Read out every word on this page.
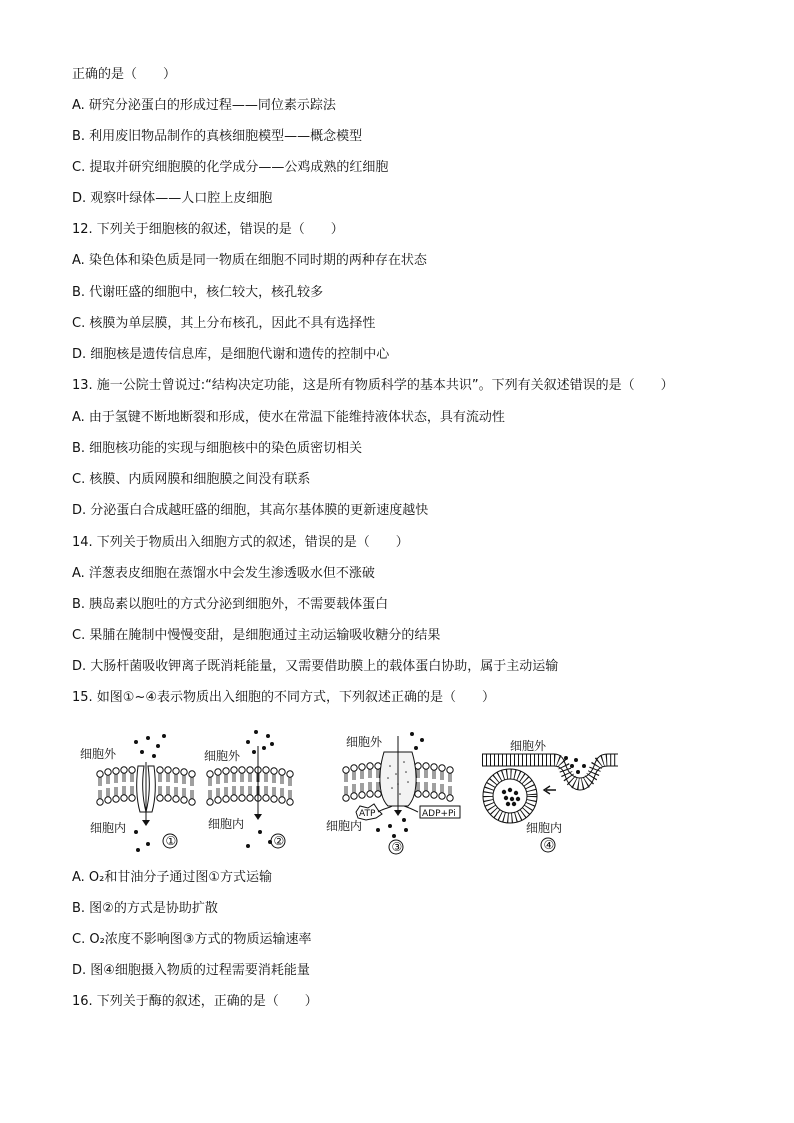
正确的是（　　）
A. 研究分泌蛋白的形成过程——同位素示踪法
B. 利用废旧物品制作的真核细胞模型——概念模型
C. 提取并研究细胞膜的化学成分——公鸡成熟的红细胞
D. 观察叶绿体——人口腔上皮细胞
12. 下列关于细胞核的叙述，错误的是（　　）
A. 染色体和染色质是同一物质在细胞不同时期的两种存在状态
B. 代谢旺盛的细胞中，核仁较大，核孔较多
C. 核膜为单层膜，其上分布核孔，因此不具有选择性
D. 细胞核是遗传信息库，是细胞代谢和遗传的控制中心
13. 施一公院士曾说过:“结构决定功能，这是所有物质科学的基本共识”。下列有关叙述错误的是（　　）
A. 由于氢键不断地断裂和形成，使水在常温下能维持液体状态，具有流动性
B. 细胞核功能的实现与细胞核中的染色质密切相关
C. 核膜、内质网膜和细胞膜之间没有联系
D. 分泌蛋白合成越旺盛的细胞，其高尔基体膜的更新速度越快
14. 下列关于物质出入细胞方式的叙述，错误的是（　　）
A. 洋葱表皮细胞在蒸馏水中会发生渗透吸水但不涨破
B. 胰岛素以胞吐的方式分泌到细胞外，不需要载体蛋白
C. 果脯在腌制中慢慢变甜，是细胞通过主动运输吸收糖分的结果
D. 大肠杆菌吸收钾离子既消耗能量，又需要借助膜上的载体蛋白协助，属于主动运输
15. 如图①~④表示物质出入细胞的不同方式，下列叙述正确的是（　　）
细胞外
细胞内
①
细胞外
细胞内
②
细胞外
细胞内
ATP	ADP+Pi
③
细胞外
细胞内
④
A. O₂和甘油分子通过图①方式运输
B. 图②的方式是协助扩散
C. O₂浓度不影响图③方式的物质运输速率
D. 图④细胞摄入物质的过程需要消耗能量
16. 下列关于酶的叙述，正确的是（　　）
